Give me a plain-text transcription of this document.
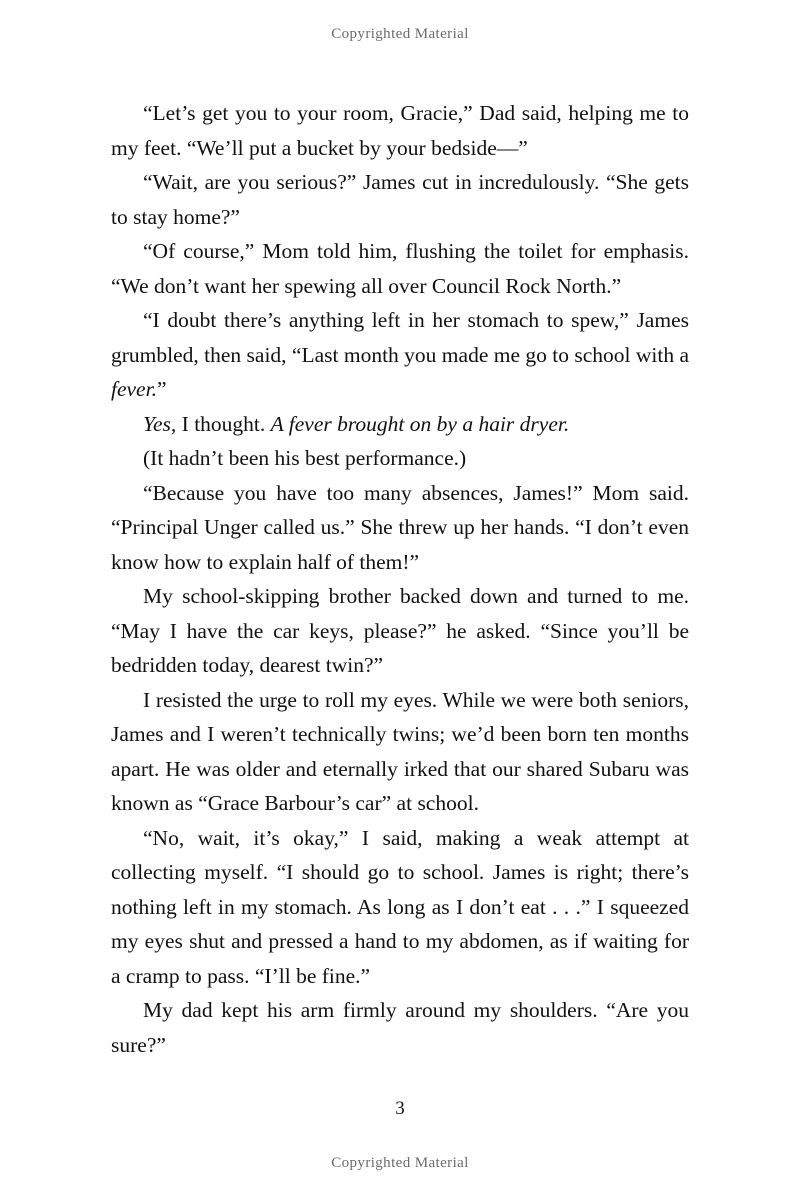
Copyrighted Material

“Let’s get you to your room, Gracie,” Dad said, helping me to my feet. “We’ll put a bucket by your bedside—”

“Wait, are you serious?” James cut in incredulously. “She gets to stay home?”

“Of course,” Mom told him, flushing the toilet for emphasis. “We don’t want her spewing all over Council Rock North.”

“I doubt there’s anything left in her stomach to spew,” James grumbled, then said, “Last month you made me go to school with a fever.”

Yes, I thought. A fever brought on by a hair dryer.

(It hadn’t been his best performance.)

“Because you have too many absences, James!” Mom said. “Principal Unger called us.” She threw up her hands. “I don’t even know how to explain half of them!”

My school-skipping brother backed down and turned to me. “May I have the car keys, please?” he asked. “Since you’ll be bedridden today, dearest twin?”

I resisted the urge to roll my eyes. While we were both seniors, James and I weren’t technically twins; we’d been born ten months apart. He was older and eternally irked that our shared Subaru was known as “Grace Barbour’s car” at school.

“No, wait, it’s okay,” I said, making a weak attempt at collecting myself. “I should go to school. James is right; there’s nothing left in my stomach. As long as I don’t eat . . .” I squeezed my eyes shut and pressed a hand to my abdomen, as if waiting for a cramp to pass. “I’ll be fine.”

My dad kept his arm firmly around my shoulders. “Are you sure?”

3
Copyrighted Material
